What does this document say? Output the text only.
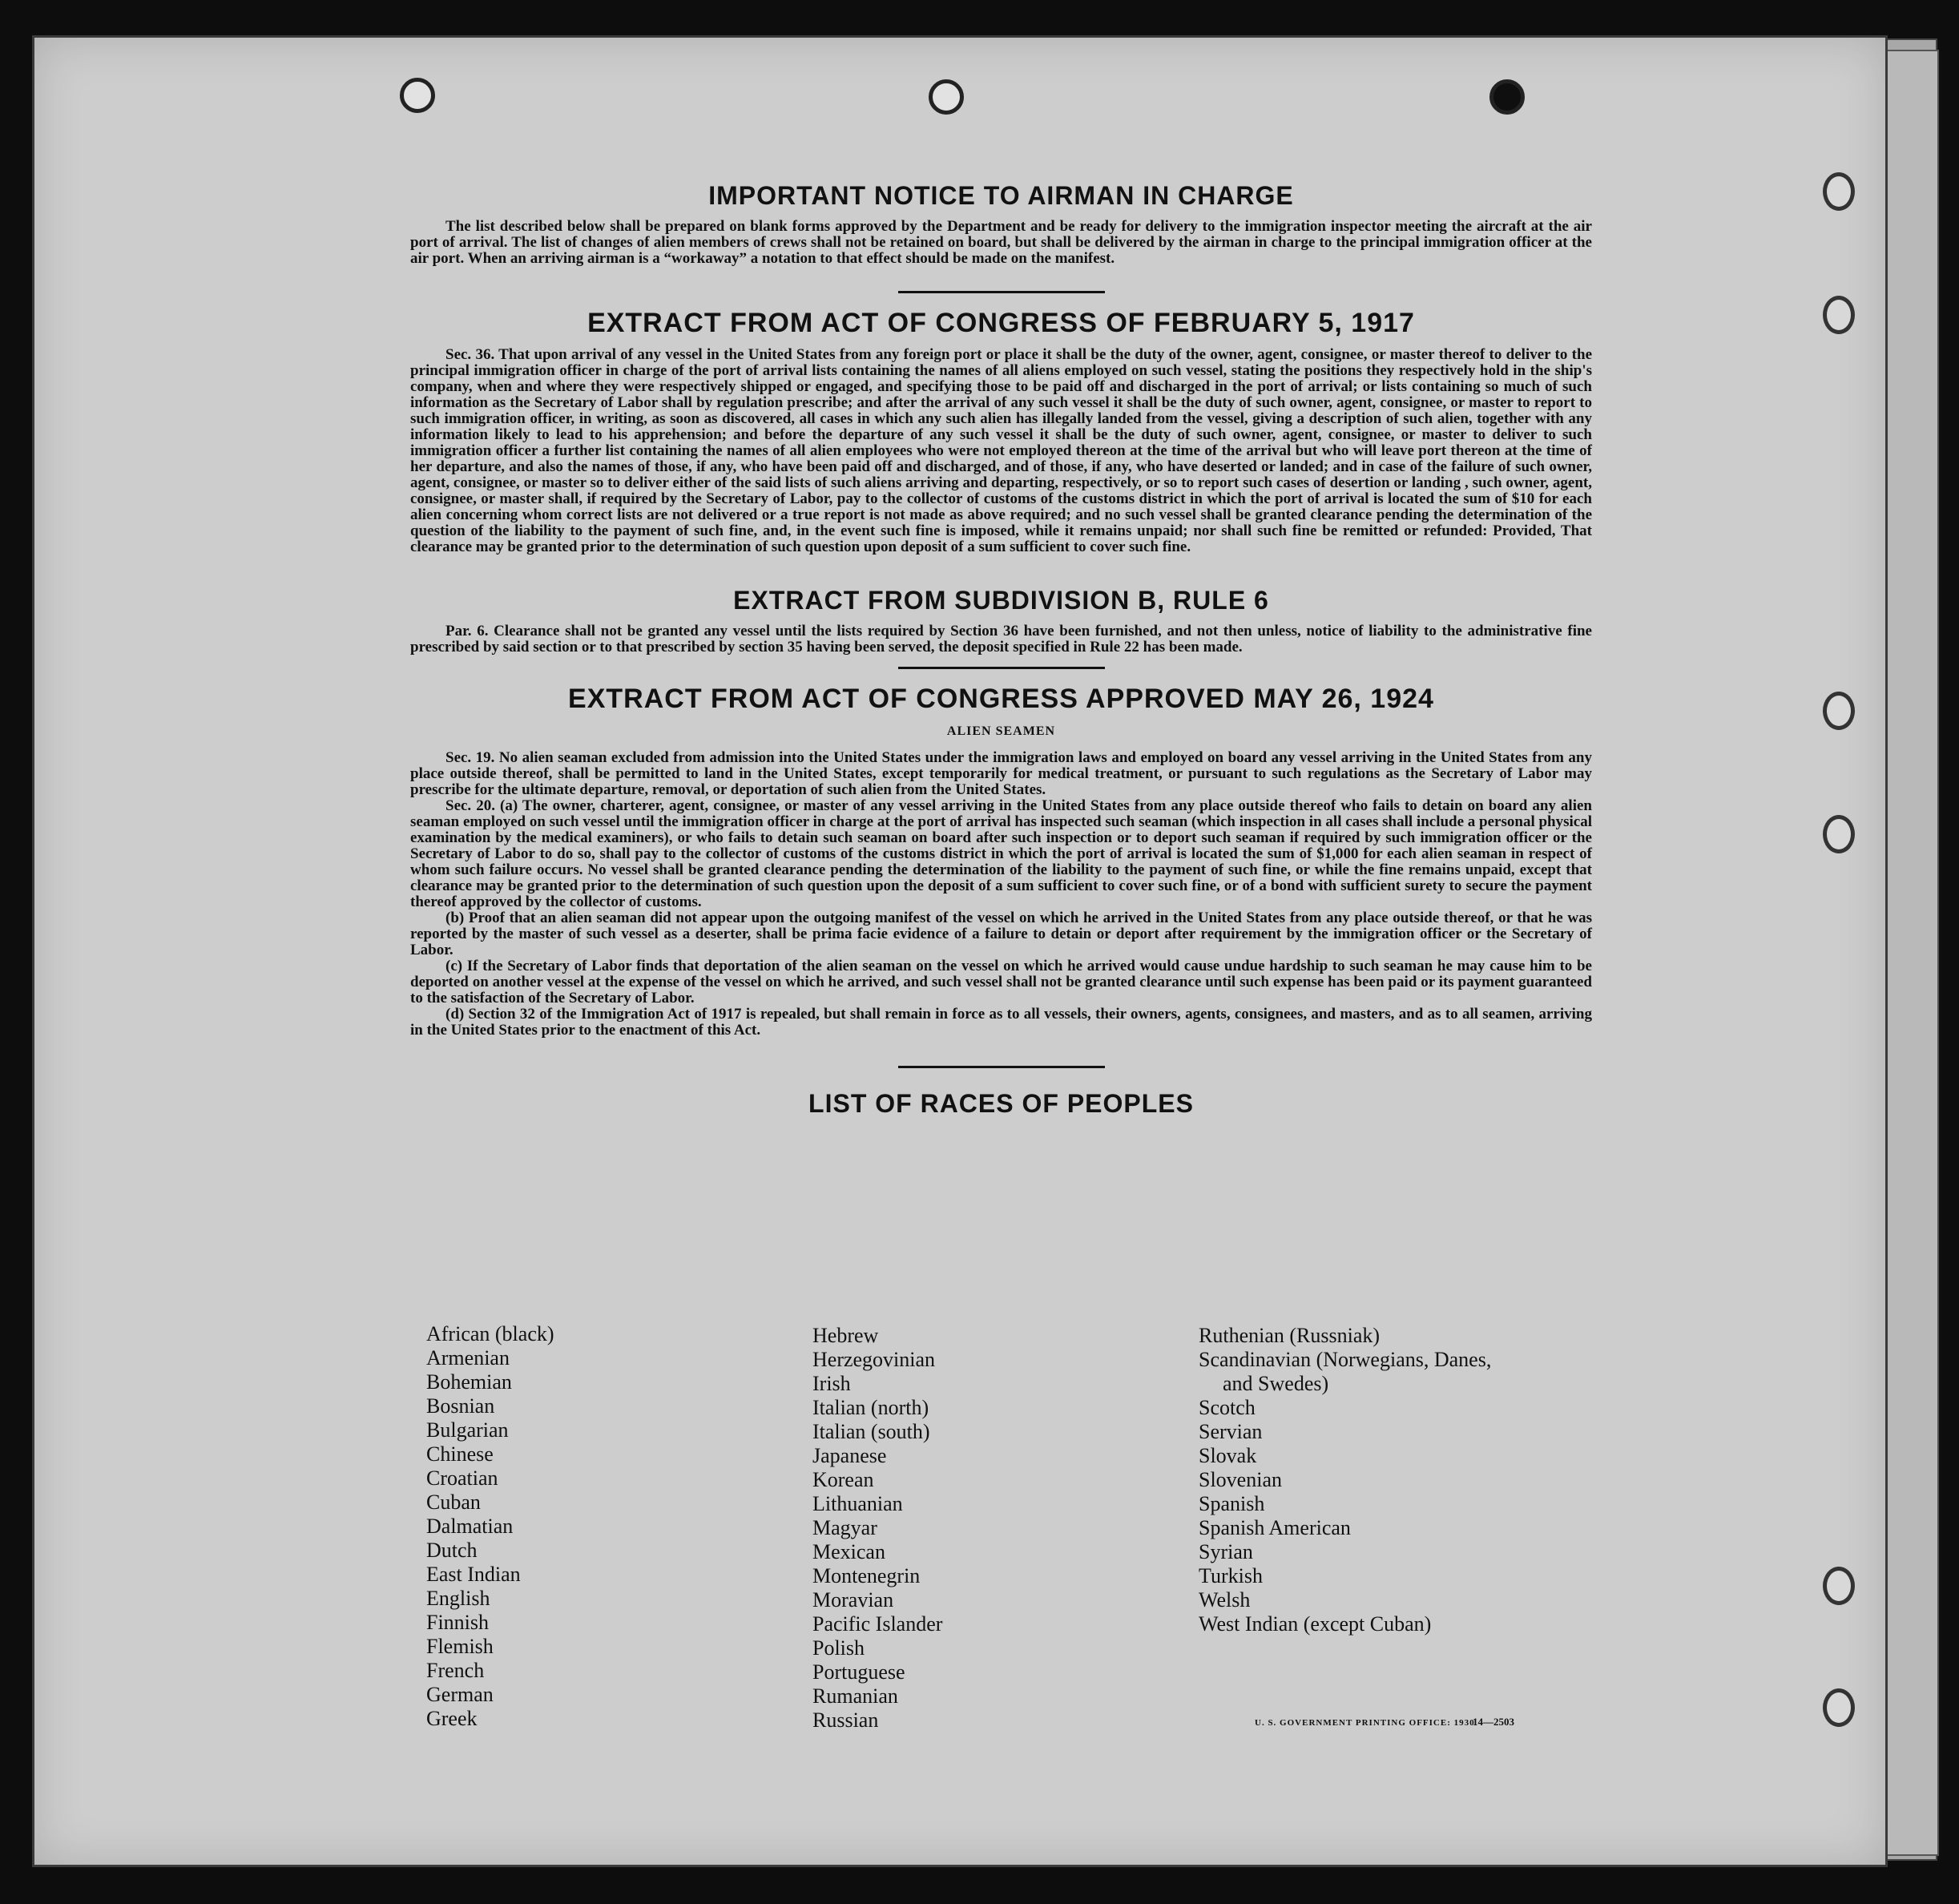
IMPORTANT NOTICE TO AIRMAN IN CHARGE

The list described below shall be prepared on blank forms approved by the Department and be ready for delivery to the immigration inspector meeting the aircraft at the air port of arrival. The list of changes of alien members of crews shall not be retained on board, but shall be delivered by the airman in charge to the principal immigration officer at the air port. When an arriving airman is a “workaway” a notation to that effect should be made on the manifest.

EXTRACT FROM ACT OF CONGRESS OF FEBRUARY 5, 1917

Sec. 36. That upon arrival of any vessel in the United States from any foreign port or place it shall be the duty of the owner, agent, consignee, or master thereof to deliver to the principal immigration officer in charge of the port of arrival lists containing the names of all aliens employed on such vessel, stating the positions they respectively hold in the ship's company, when and where they were respectively shipped or engaged, and specifying those to be paid off and discharged in the port of arrival; or lists containing so much of such information as the Secretary of Labor shall by regulation prescribe; and after the arrival of any such vessel it shall be the duty of such owner, agent, consignee, or master to report to such immigration officer, in writing, as soon as discovered, all cases in which any such alien has illegally landed from the vessel, giving a description of such alien, together with any information likely to lead to his apprehension; and before the departure of any such vessel it shall be the duty of such owner, agent, consignee, or master to deliver to such immigration officer a further list containing the names of all alien employees who were not employed thereon at the time of the arrival but who will leave port thereon at the time of her departure, and also the names of those, if any, who have been paid off and discharged, and of those, if any, who have deserted or landed; and in case of the failure of such owner, agent, consignee, or master so to deliver either of the said lists of such aliens arriving and departing, respectively, or so to report such cases of desertion or landing , such owner, agent, consignee, or master shall, if required by the Secretary of Labor, pay to the collector of customs of the customs district in which the port of arrival is located the sum of $10 for each alien concerning whom correct lists are not delivered or a true report is not made as above required; and no such vessel shall be granted clearance pending the determination of the question of the liability to the payment of such fine, and, in the event such fine is imposed, while it remains unpaid; nor shall such fine be remitted or refunded: Provided, That clearance may be granted prior to the determination of such question upon deposit of a sum sufficient to cover such fine.

EXTRACT FROM SUBDIVISION B, RULE 6

Par. 6. Clearance shall not be granted any vessel until the lists required by Section 36 have been furnished, and not then unless, notice of liability to the administrative fine prescribed by said section or to that prescribed by section 35 having been served, the deposit specified in Rule 22 has been made.

EXTRACT FROM ACT OF CONGRESS APPROVED MAY 26, 1924

ALIEN SEAMEN

Sec. 19. No alien seaman excluded from admission into the United States under the immigration laws and employed on board any vessel arriving in the United States from any place outside thereof, shall be permitted to land in the United States, except temporarily for medical treatment, or pursuant to such regulations as the Secretary of Labor may prescribe for the ultimate departure, removal, or deportation of such alien from the United States.

Sec. 20. (a) The owner, charterer, agent, consignee, or master of any vessel arriving in the United States from any place outside thereof who fails to detain on board any alien seaman employed on such vessel until the immigration officer in charge at the port of arrival has inspected such seaman (which inspection in all cases shall include a personal physical examination by the medical examiners), or who fails to detain such seaman on board after such inspection or to deport such seaman if required by such immigration officer or the Secretary of Labor to do so, shall pay to the collector of customs of the customs district in which the port of arrival is located the sum of $1,000 for each alien seaman in respect of whom such failure occurs. No vessel shall be granted clearance pending the determination of the liability to the payment of such fine, or while the fine remains unpaid, except that clearance may be granted prior to the determination of such question upon the deposit of a sum sufficient to cover such fine, or of a bond with sufficient surety to secure the payment thereof approved by the collector of customs.

(b) Proof that an alien seaman did not appear upon the outgoing manifest of the vessel on which he arrived in the United States from any place outside thereof, or that he was reported by the master of such vessel as a deserter, shall be prima facie evidence of a failure to detain or deport after requirement by the immigration officer or the Secretary of Labor.

(c) If the Secretary of Labor finds that deportation of the alien seaman on the vessel on which he arrived would cause undue hardship to such seaman he may cause him to be deported on another vessel at the expense of the vessel on which he arrived, and such vessel shall not be granted clearance until such expense has been paid or its payment guaranteed to the satisfaction of the Secretary of Labor.

(d) Section 32 of the Immigration Act of 1917 is repealed, but shall remain in force as to all vessels, their owners, agents, consignees, and masters, and as to all seamen, arriving in the United States prior to the enactment of this Act.

LIST OF RACES OF PEOPLES
African (black)
Armenian
Bohemian
Bosnian
Bulgarian
Chinese
Croatian
Cuban
Dalmatian
Dutch
East Indian
English
Finnish
Flemish
French
German
Greek
Hebrew
Herzegovinian
Irish
Italian (north)
Italian (south)
Japanese
Korean
Lithuanian
Magyar
Mexican
Montenegrin
Moravian
Pacific Islander
Polish
Portuguese
Rumanian
Russian
Ruthenian (Russniak)
Scandinavian (Norwegians, Danes,
and Swedes)
Scotch
Servian
Slovak
Slovenian
Spanish
Spanish American
Syrian
Turkish
Welsh
West Indian (except Cuban)
U. S. GOVERNMENT PRINTING OFFICE: 1930
14—2503
